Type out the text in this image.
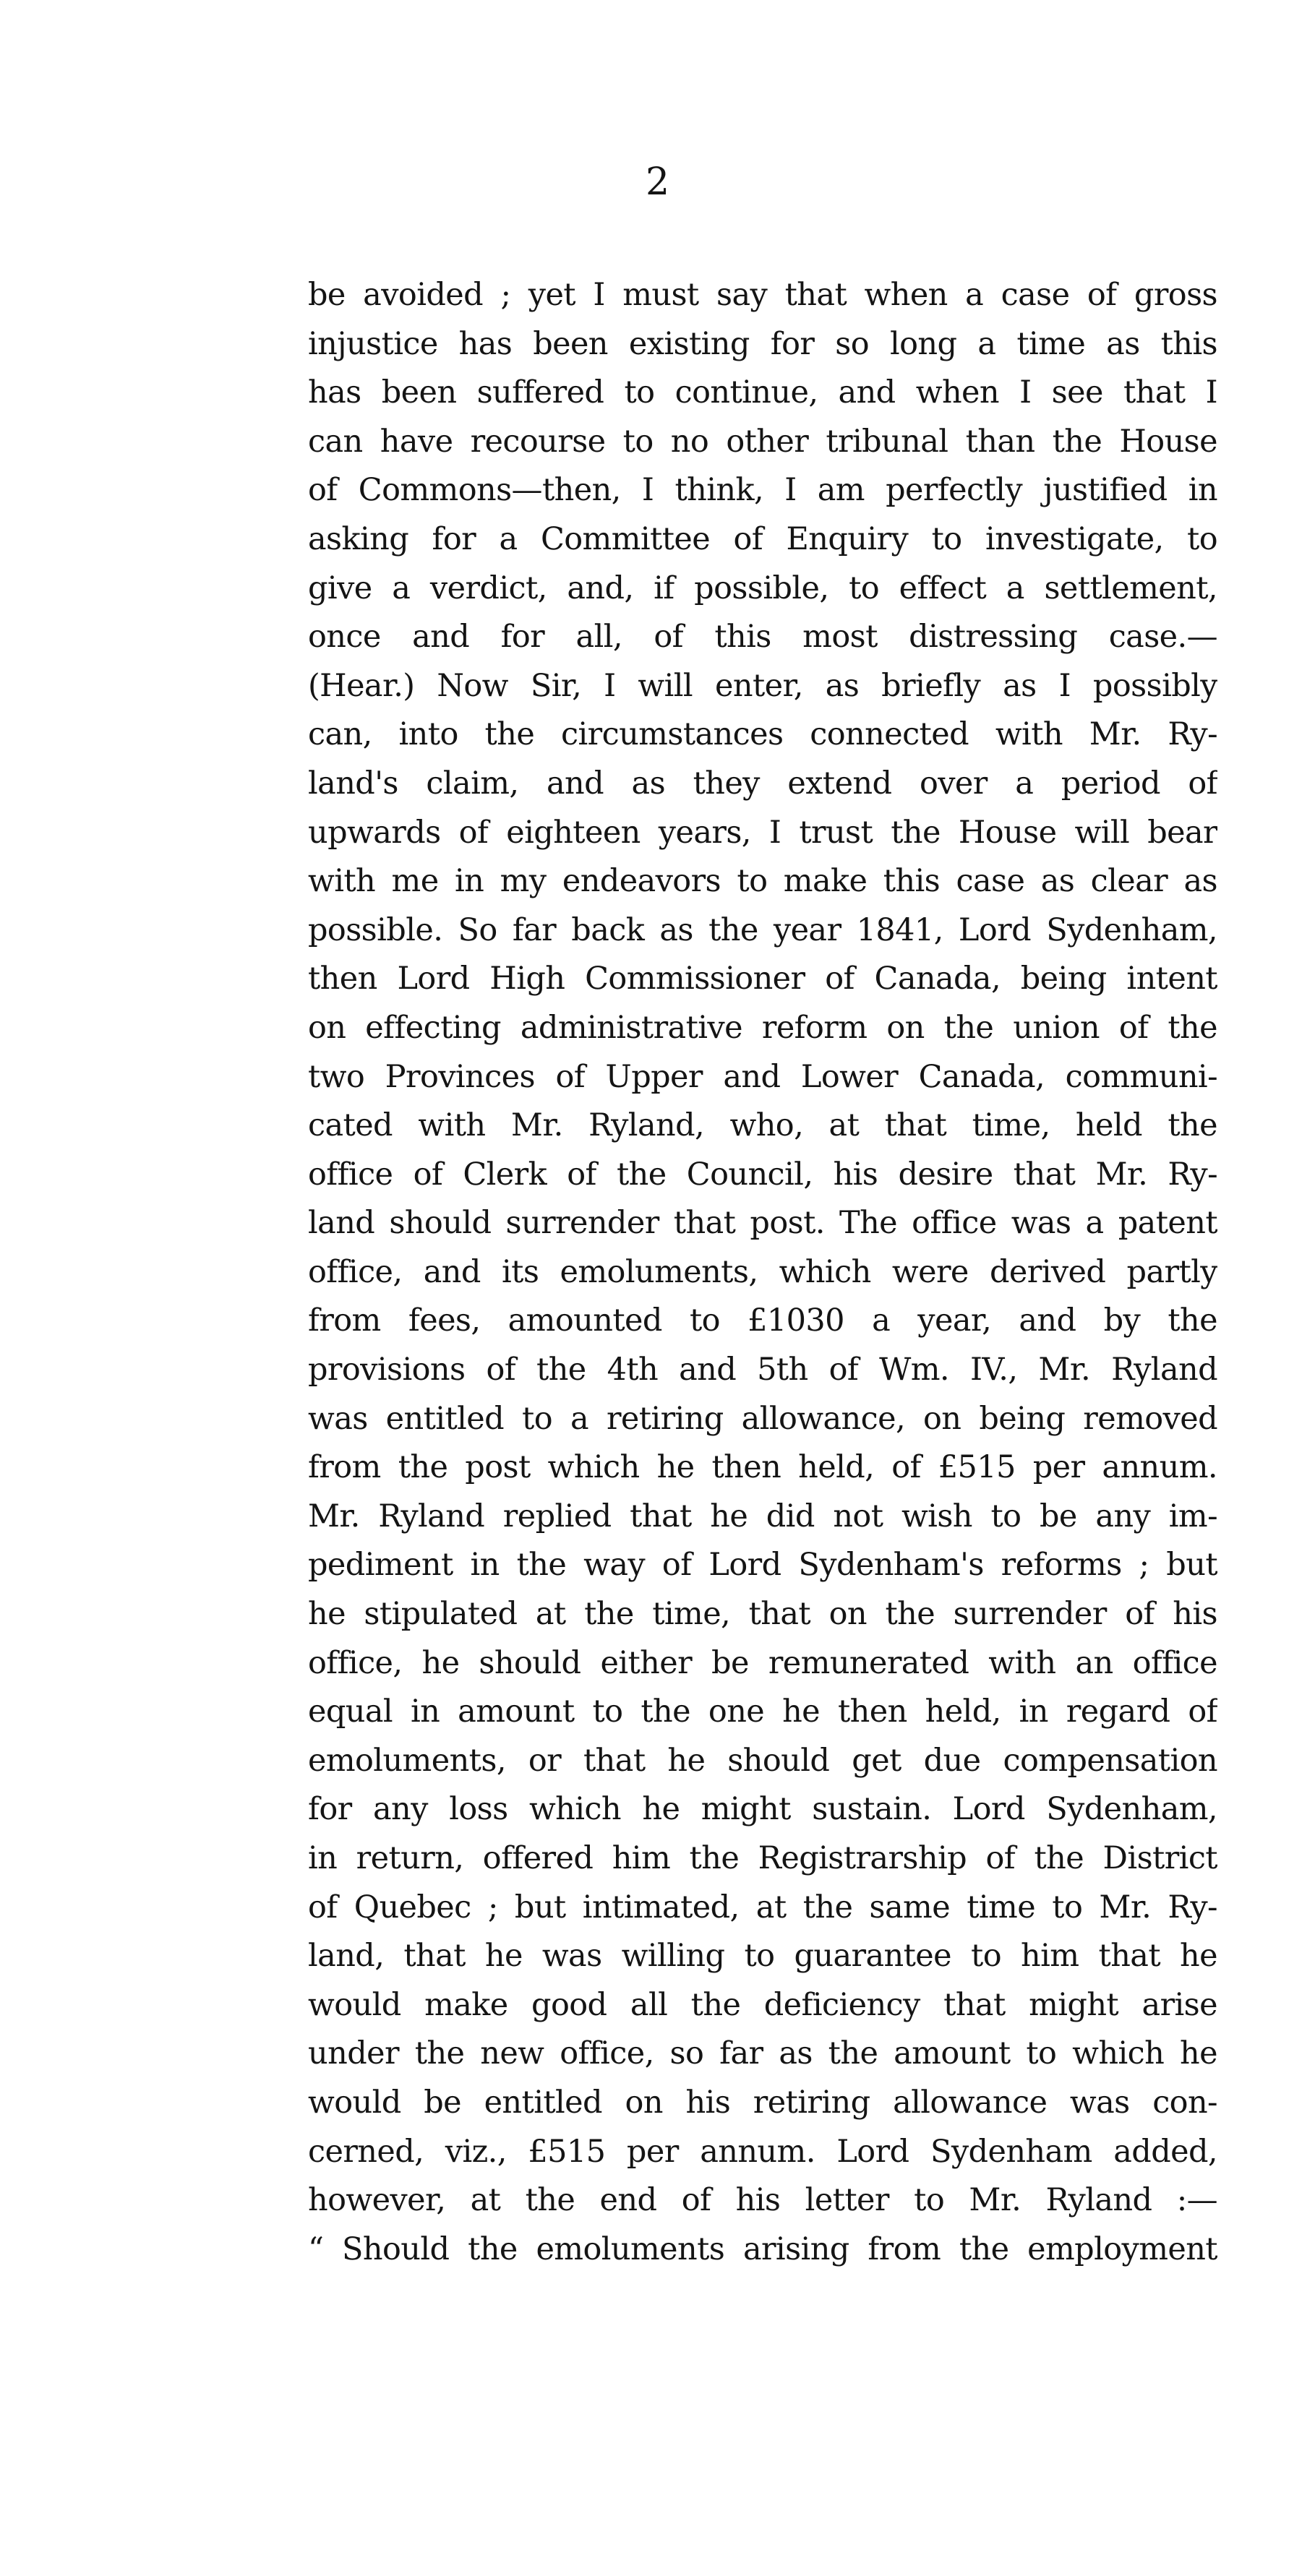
2
be avoided ; yet I must say that when a case of gross
injustice has been existing for so long a time as this
has been suffered to continue, and when I see that I
can have recourse to no other tribunal than the House
of Commons—then, I think, I am perfectly justified in
asking for a Committee of Enquiry to investigate, to
give a verdict, and, if possible, to effect a settlement,
once and for all, of this most distressing case.—
(Hear.) Now Sir, I will enter, as briefly as I possibly
can, into the circumstances connected with Mr. Ry-
land's claim, and as they extend over a period of
upwards of eighteen years, I trust the House will bear
with me in my endeavors to make this case as clear as
possible. So far back as the year 1841, Lord Sydenham,
then Lord High Commissioner of Canada, being intent
on effecting administrative reform on the union of the
two Provinces of Upper and Lower Canada, communi-
cated with Mr. Ryland, who, at that time, held the
office of Clerk of the Council, his desire that Mr. Ry-
land should surrender that post. The office was a patent
office, and its emoluments, which were derived partly
from fees, amounted to £1030 a year, and by the
provisions of the 4th and 5th of Wm. IV., Mr. Ryland
was entitled to a retiring allowance, on being removed
from the post which he then held, of £515 per annum.
Mr. Ryland replied that he did not wish to be any im-
pediment in the way of Lord Sydenham's reforms ; but
he stipulated at the time, that on the surrender of his
office, he should either be remunerated with an office
equal in amount to the one he then held, in regard of
emoluments, or that he should get due compensation
for any loss which he might sustain. Lord Sydenham,
in return, offered him the Registrarship of the District
of Quebec ; but intimated, at the same time to Mr. Ry-
land, that he was willing to guarantee to him that he
would make good all the deficiency that might arise
under the new office, so far as the amount to which he
would be entitled on his retiring allowance was con-
cerned, viz., £515 per annum. Lord Sydenham added,
however, at the end of his letter to Mr. Ryland :—
“ Should the emoluments arising from the employment
